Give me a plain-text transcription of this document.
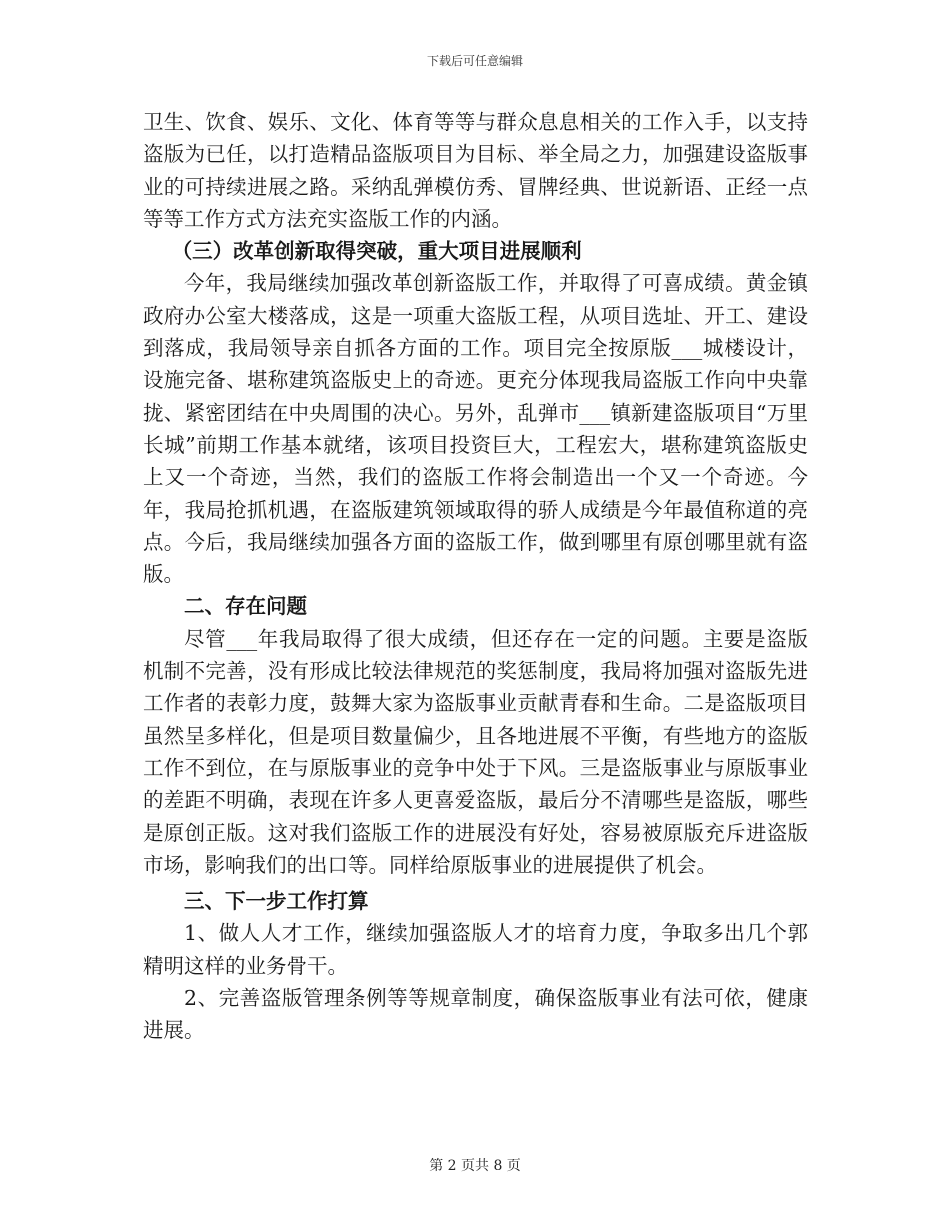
下载后可任意编辑

卫生、饮食、娱乐、文化、体育等等与群众息息相关的工作入手，以支持盗版为已任，以打造精品盗版项目为目标、举全局之力，加强建设盗版事业的可持续进展之路。采纳乱弹模仿秀、冒牌经典、世说新语、正经一点等等工作方式方法充实盗版工作的内涵。

（三）改革创新取得突破，重大项目进展顺利

今年，我局继续加强改革创新盗版工作，并取得了可喜成绩。黄金镇政府办公室大楼落成，这是一项重大盗版工程，从项目选址、开工、建设到落成，我局领导亲自抓各方面的工作。项目完全按原版___城楼设计，设施完备、堪称建筑盗版史上的奇迹。更充分体现我局盗版工作向中央靠拢、紧密团结在中央周围的决心。另外，乱弹市___镇新建盗版项目“万里长城”前期工作基本就绪，该项目投资巨大，工程宏大，堪称建筑盗版史上又一个奇迹，当然，我们的盗版工作将会制造出一个又一个奇迹。今年，我局抢抓机遇，在盗版建筑领域取得的骄人成绩是今年最值称道的亮点。今后，我局继续加强各方面的盗版工作，做到哪里有原创哪里就有盗版。

二、存在问题

尽管___年我局取得了很大成绩，但还存在一定的问题。主要是盗版机制不完善，没有形成比较法律规范的奖惩制度，我局将加强对盗版先进工作者的表彰力度，鼓舞大家为盗版事业贡献青春和生命。二是盗版项目虽然呈多样化，但是项目数量偏少，且各地进展不平衡，有些地方的盗版工作不到位，在与原版事业的竞争中处于下风。三是盗版事业与原版事业的差距不明确，表现在许多人更喜爱盗版，最后分不清哪些是盗版，哪些是原创正版。这对我们盗版工作的进展没有好处，容易被原版充斥进盗版市场，影响我们的出口等。同样给原版事业的进展提供了机会。

三、下一步工作打算

1、做人人才工作，继续加强盗版人才的培育力度，争取多出几个郭精明这样的业务骨干。

2、完善盗版管理条例等等规章制度，确保盗版事业有法可依，健康进展。

第 2 页共 8 页
